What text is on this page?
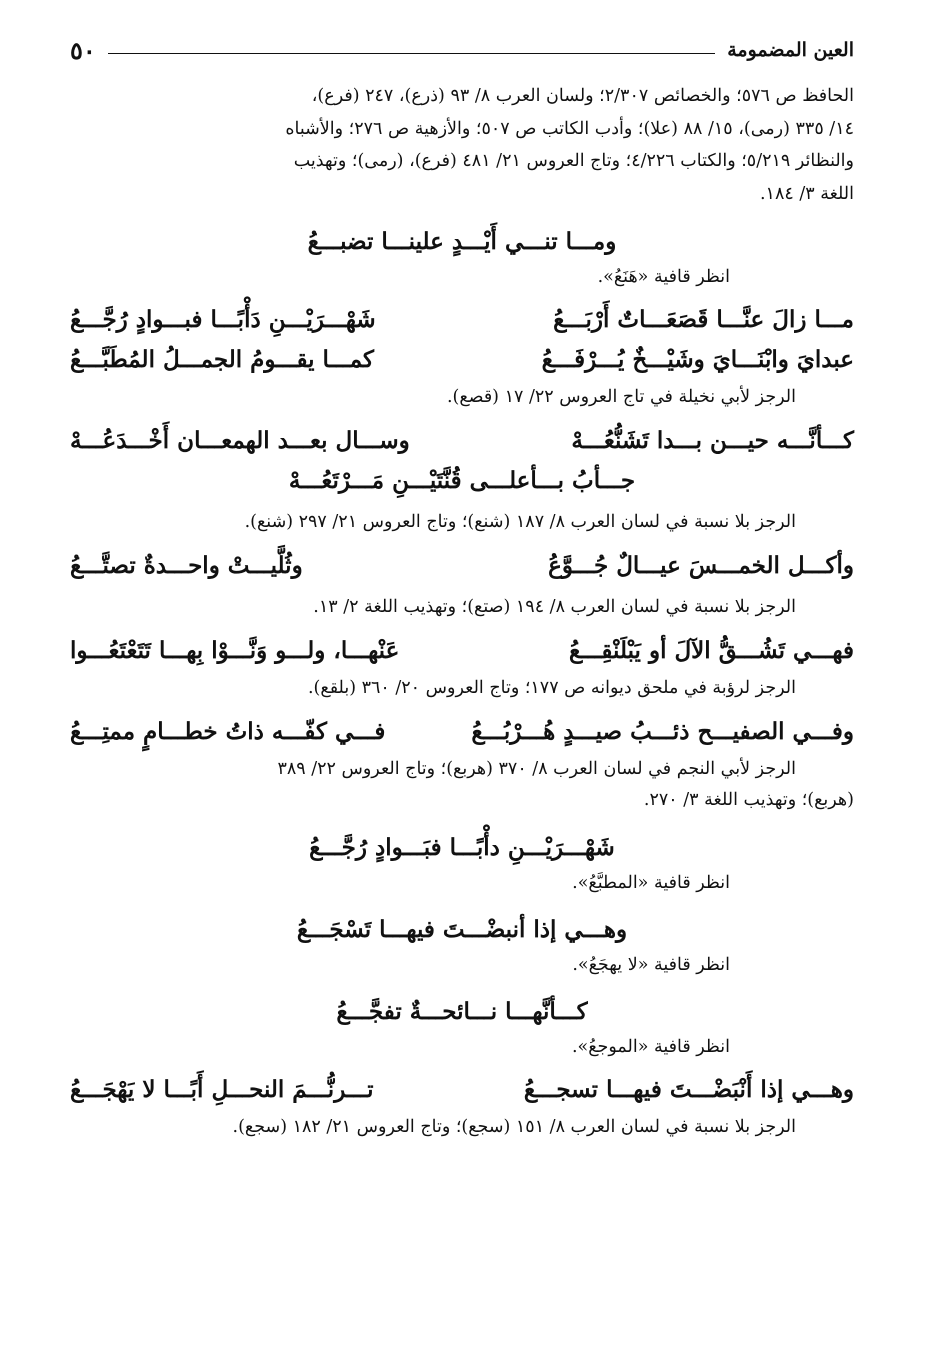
العين المضمومة
٥٠
الحافظ ص ٥٧٦؛ والخصائص ٢/٣٠٧؛ ولسان العرب ٨/ ٩٣ (ذرع)، ٢٤٧ (فرع)،
١٤/ ٣٣٥ (رمى)، ١٥/ ٨٨ (علا)؛ وأدب الكاتب ص ٥٠٧؛ والأزهية ص ٢٧٦؛ والأشباه
والنظائر ٥/٢١٩؛ والكتاب ٤/٢٢٦؛ وتاج العروس ٢١/ ٤٨١ (فرع)، (رمى)؛ وتهذيب
اللغة ٣/ ١٨٤.
ومـــا تنـــي أَيْـــدٍ علينـــا تضبـــعُ
انظر قافية «هَنَعُ».
مـــا زالَ عنَّـــا قَصَعَـــاتٌ أَرْبَـــعُ
شَهْـــرَيْـــنِ دَأْبًـــا فبـــوادٍ رُجَّـــعُ
عبدايَ وابْنَـــايَ وشَيْـــخٌ يُـــرْفَـــعُ
كمـــا يقـــومُ الجمـــلُ المُطَبَّـــعُ
الرجز لأبي نخيلة في تاج العروس ٢٢/ ١٧ (قصع).
كـــأنَّـــه حيـــن بـــدا تَشَنُّعُـــهْ
وســـال بعـــد الهمعـــان أَخْـــدَعُـــهْ
جـــأبُ بـــأعلـــى قُنَّتَيْـــنِ مَـــرْتَعُـــهْ
الرجز بلا نسبة في لسان العرب ٨/ ١٨٧ (شنع)؛ وتاج العروس ٢١/ ٢٩٧ (شنع).
وأكـــل الخمـــسَ عيـــالٌ جُـــوَّعُ
وثُلَّيـــتْ واحـــدةٌ تصتَّـــعُ
الرجز بلا نسبة في لسان العرب ٨/ ١٩٤ (صتع)؛ وتهذيب اللغة ٢/ ١٣.
فهـــي تَشُـــقُّ الآلَ أو يَبْلَنْقِـــعُ
عَنْهـــا، ولـــو وَنَّـــوْا بِهـــا تَتَعْتَعُـــوا
الرجز لرؤبة في ملحق ديوانه ص ١٧٧؛ وتاج العروس ٢٠/ ٣٦٠ (بلقع).
وفـــي الصفيـــح ذئـــبُ صيـــدٍ هُـــرْبُـــعُ
فـــي كفّـــه ذاتُ خطـــامٍ ممتِـــعُ
الرجز لأبي النجم في لسان العرب ٨/ ٣٧٠ (هربع)؛ وتاج العروس ٢٢/ ٣٨٩
(هربع)؛ وتهذيب اللغة ٣/ ٢٧٠.
شَهْـــرَيْـــنِ دأْبًـــا فبَـــوادٍ رُجَّـــعُ
انظر قافية «المطبَّعُ».
وهـــي إذا أنبضْـــتَ فيهـــا تَسْجَـــعُ
انظر قافية «لا يهجَعُ».
كـــأنَّهـــا نـــائحـــةٌ تفجَّـــعُ
انظر قافية «الموجعُ».
وهـــي إذا أَنْبَضْـــتَ فيهـــا تسجـــعُ
تـــرنُّـــمَ النحـــلِ أَبًـــا لا يَهْجَـــعُ
الرجز بلا نسبة في لسان العرب ٨/ ١٥١ (سجع)؛ وتاج العروس ٢١/ ١٨٢ (سجع).
